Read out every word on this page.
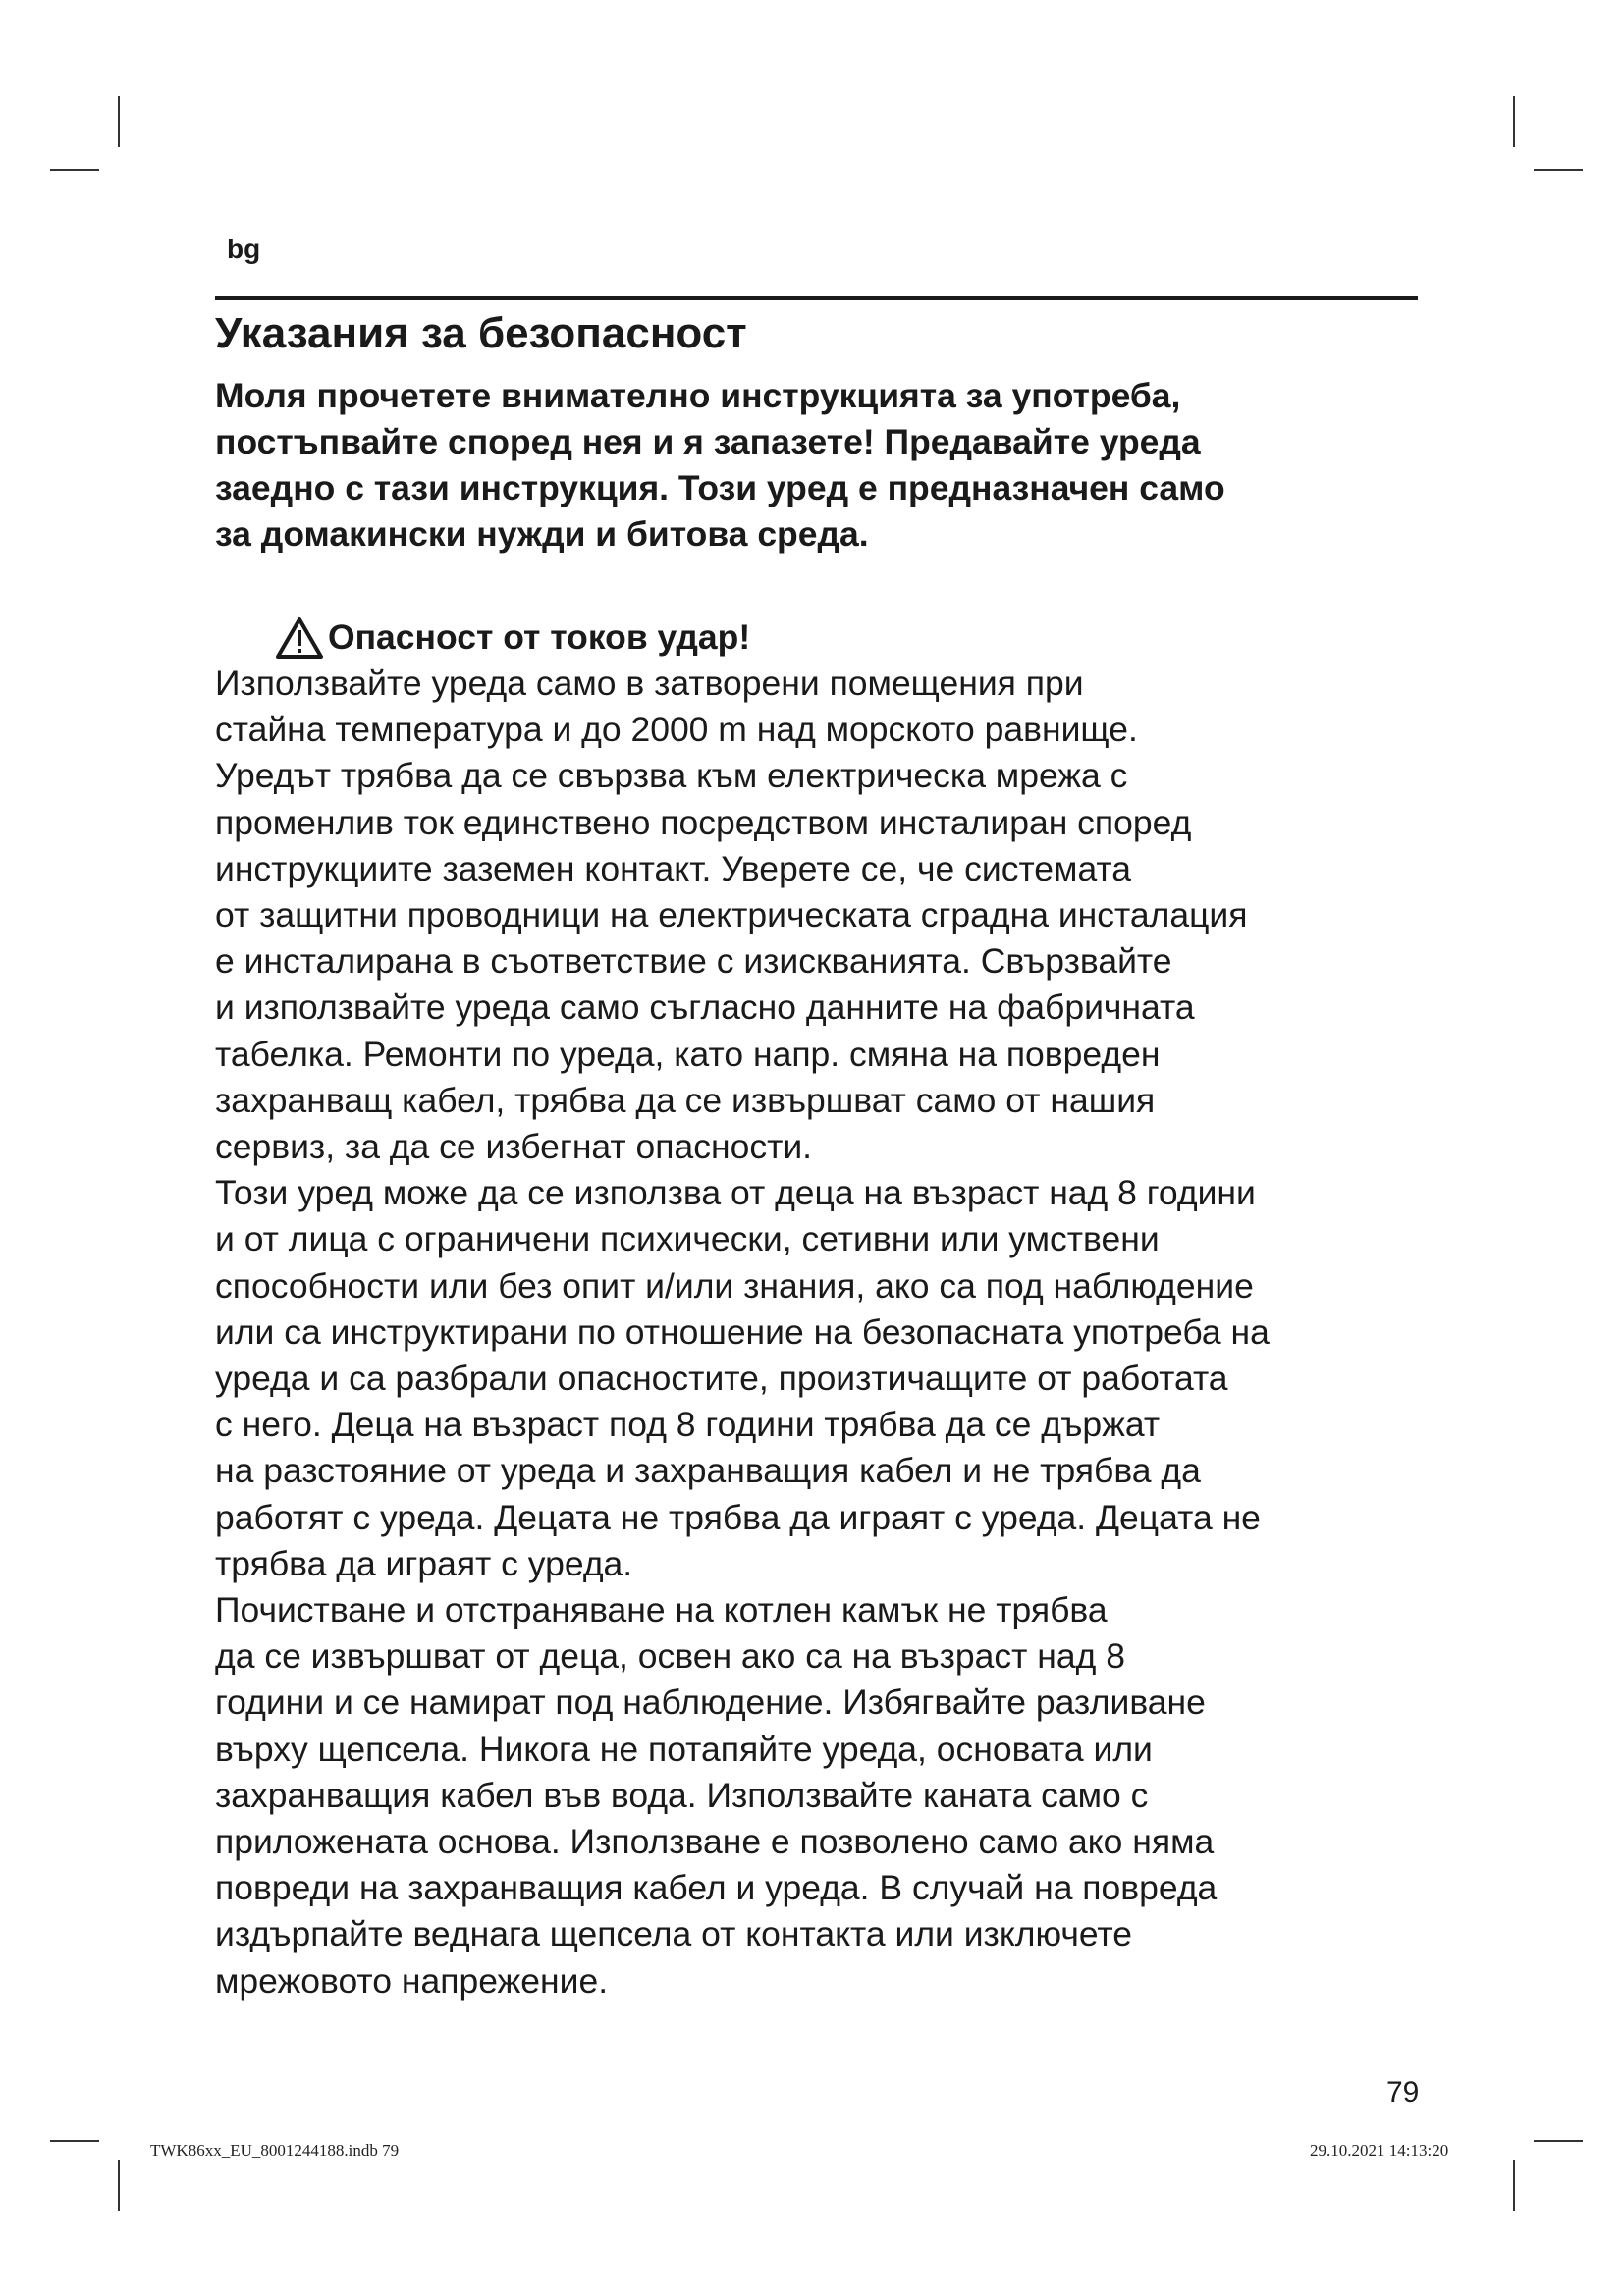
bg
Указания за безопасност
Моля прочетете внимателно инструкцията за употреба,
постъпвайте според нея и я запазете! Предавайте уреда
заедно с тази инструкция. Този уред е предназначен само
за домакински нужди и битова среда.
Опасност от токов удар!
Използвайте уреда само в затворени помещения при
стайна температура и до 2000 m над морското равнище.
Уредът трябва да се свързва към електрическа мрежа с
променлив ток единствено посредством инсталиран според
инструкциите заземен контакт. Уверете се, че системата
от защитни проводници на електрическата сградна инсталация
е инсталирана в съответствие с изискванията. Свързвайте
и използвайте уреда само съгласно данните на фабричната
табелка. Ремонти по уреда, като напр. смяна на повреден
захранващ кабел, трябва да се извършват само от нашия
сервиз, за да се избегнат опасности.
Този уред може да се използва от деца на възраст над 8 години
и от лица с ограничени психически, сетивни или умствени
способности или без опит и/или знания, ако са под наблюдение
или са инструктирани по отношение на безопасната употреба на
уреда и са разбрали опасностите, произтичащите от работата
с него. Деца на възраст под 8 години трябва да се държат
на разстояние от уреда и захранващия кабел и не трябва да
работят с уреда. Децата не трябва да играят с уреда. Децата не
трябва да играят с уреда.
Почистване и отстраняване на котлен камък не трябва
да се извършват от деца, освен ако са на възраст над 8
години и се намират под наблюдение. Избягвайте разливане
върху щепсела. Никога не потапяйте уреда, основата или
захранващия кабел във вода. Използвайте каната само с
приложената основа. Използване е позволено само ако няма
повреди на захранващия кабел и уреда. В случай на повреда
издърпайте веднага щепсела от контакта или изключете
мрежовото напрежение.
79
TWK86xx_EU_8001244188.indb 79	29.10.2021 14:13:20
